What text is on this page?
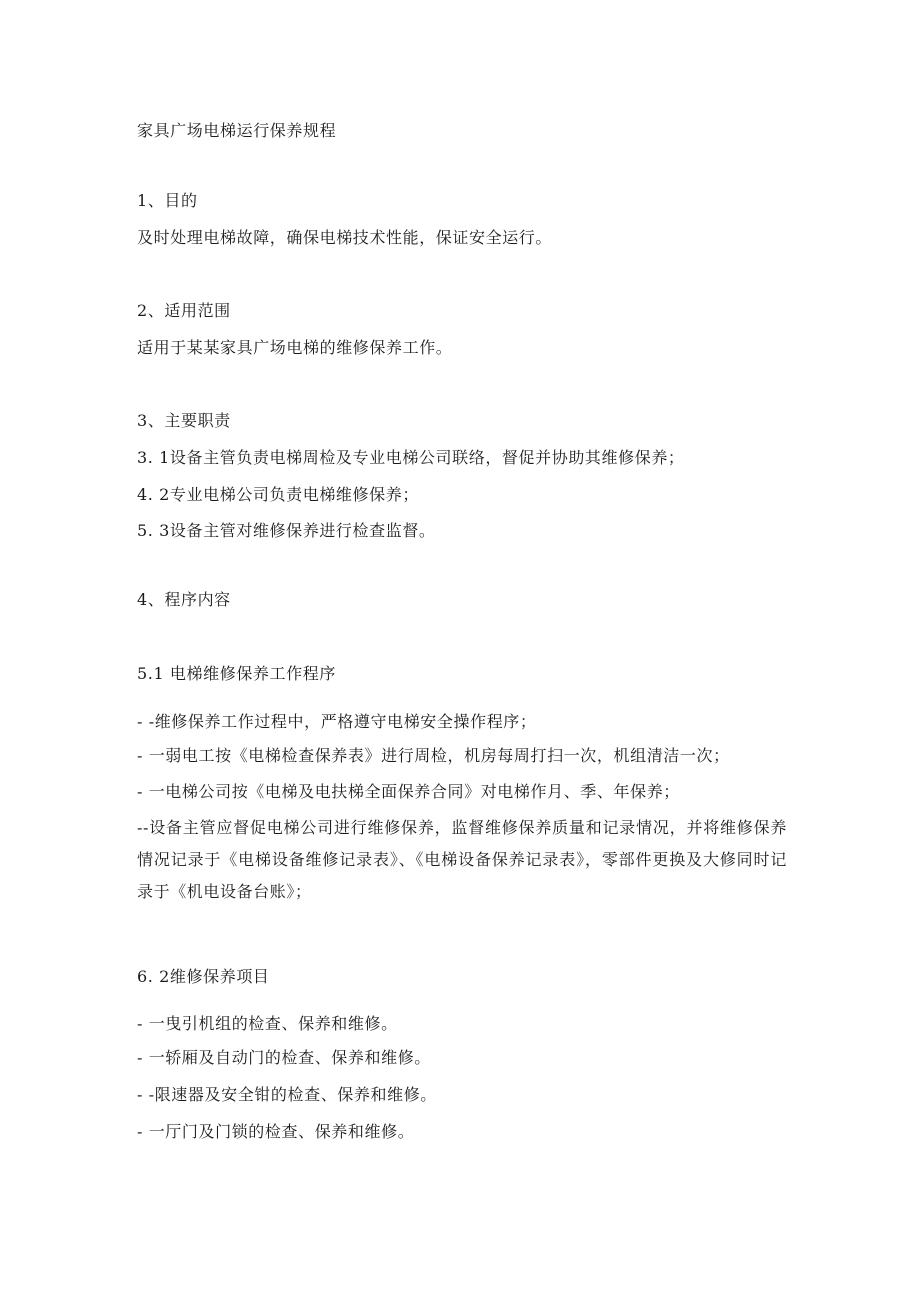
家具广场电梯运行保养规程
1、目的
及时处理电梯故障，确保电梯技术性能，保证安全运行。
2、适用范围
适用于某某家具广场电梯的维修保养工作。
3、主要职责
3. 1设备主管负责电梯周检及专业电梯公司联络，督促并协助其维修保养；
4. 2专业电梯公司负责电梯维修保养；
5. 3设备主管对维修保养进行检查监督。
4、程序内容
5.1 电梯维修保养工作程序
- -维修保养工作过程中，严格遵守电梯安全操作程序；
- 一弱电工按《电梯检查保养表》进行周检，机房每周打扫一次，机组清洁一次；
- 一电梯公司按《电梯及电扶梯全面保养合同》对电梯作月、季、年保养；
--设备主管应督促电梯公司进行维修保养，监督维修保养质量和记录情况，并将维修保养情况记录于《电梯设备维修记录表》、《电梯设备保养记录表》，零部件更换及大修同时记录于《机电设备台账》；
6. 2维修保养项目
- 一曳引机组的检查、保养和维修。
- 一轿厢及自动门的检查、保养和维修。
- -限速器及安全钳的检查、保养和维修。
- 一厅门及门锁的检查、保养和维修。
